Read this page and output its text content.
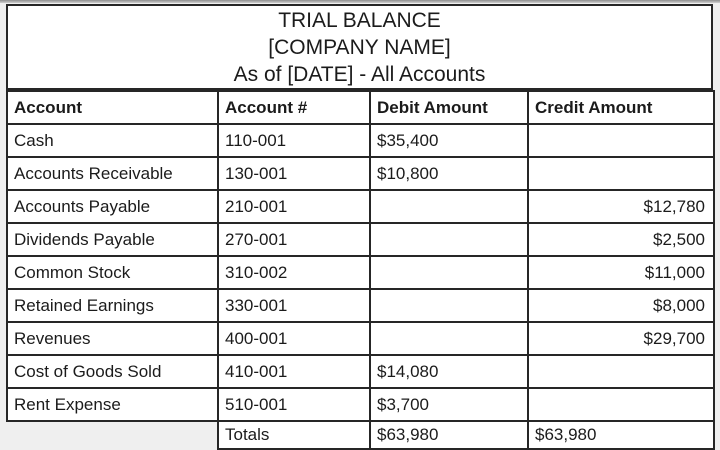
TRIAL BALANCE
[COMPANY NAME]
As of [DATE] - All Accounts
Account	Account #	Debit Amount	Credit Amount
Cash	110-001	$35,400	
Accounts Receivable	130-001	$10,800	
Accounts Payable	210-001		$12,780
Dividends Payable	270-001		$2,500
Common Stock	310-002		$11,000
Retained Earnings	330-001		$8,000
Revenues	400-001		$29,700
Cost of Goods Sold	410-001	$14,080	
Rent Expense	510-001	$3,700	
	Totals	$63,980	$63,980
